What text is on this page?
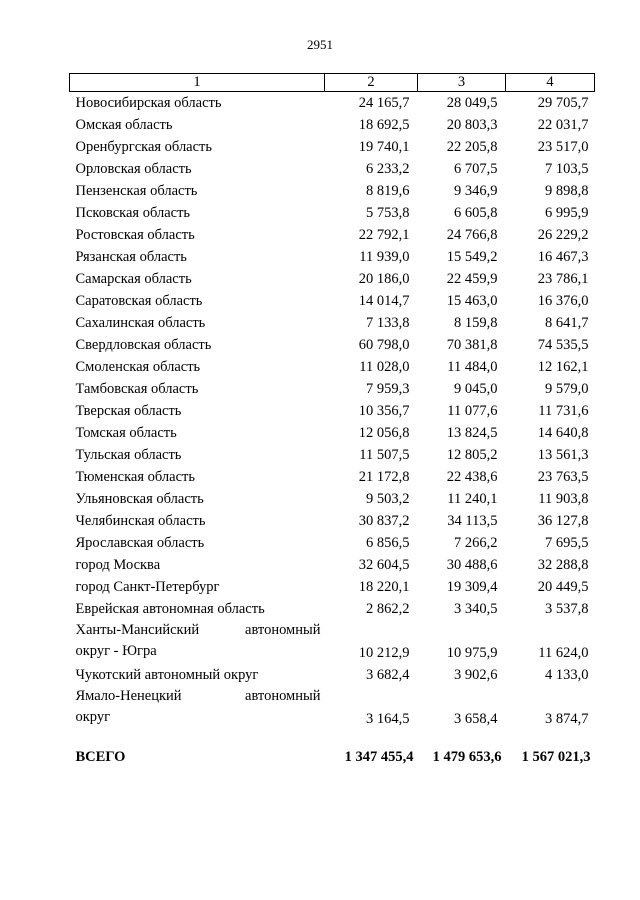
2951
1	2	3	4
Новосибирская область	24 165,7	28 049,5	29 705,7
Омская область	18 692,5	20 803,3	22 031,7
Оренбургская область	19 740,1	22 205,8	23 517,0
Орловская область	6 233,2	6 707,5	7 103,5
Пензенская область	8 819,6	9 346,9	9 898,8
Псковская область	5 753,8	6 605,8	6 995,9
Ростовская область	22 792,1	24 766,8	26 229,2
Рязанская область	11 939,0	15 549,2	16 467,3
Самарская область	20 186,0	22 459,9	23 786,1
Саратовская область	14 014,7	15 463,0	16 376,0
Сахалинская область	7 133,8	8 159,8	8 641,7
Свердловская область	60 798,0	70 381,8	74 535,5
Смоленская область	11 028,0	11 484,0	12 162,1
Тамбовская область	7 959,3	9 045,0	9 579,0
Тверская область	10 356,7	11 077,6	11 731,6
Томская область	12 056,8	13 824,5	14 640,8
Тульская область	11 507,5	12 805,2	13 561,3
Тюменская область	21 172,8	22 438,6	23 763,5
Ульяновская область	9 503,2	11 240,1	11 903,8
Челябинская область	30 837,2	34 113,5	36 127,8
Ярославская область	6 856,5	7 266,2	7 695,5
город Москва	32 604,5	30 488,6	32 288,8
город Санкт-Петербург	18 220,1	19 309,4	20 449,5
Еврейская автономная область	2 862,2	3 340,5	3 537,8

Ханты-Мансийский автономный
округ - Югра	10 212,9	10 975,9	11 624,0
Чукотский автономный округ	3 682,4	3 902,6	4 133,0

Ямало-Ненецкий автономный
округ	3 164,5	3 658,4	3 874,7

ВСЕГО	1 347 455,4	1 479 653,6	1 567 021,3
